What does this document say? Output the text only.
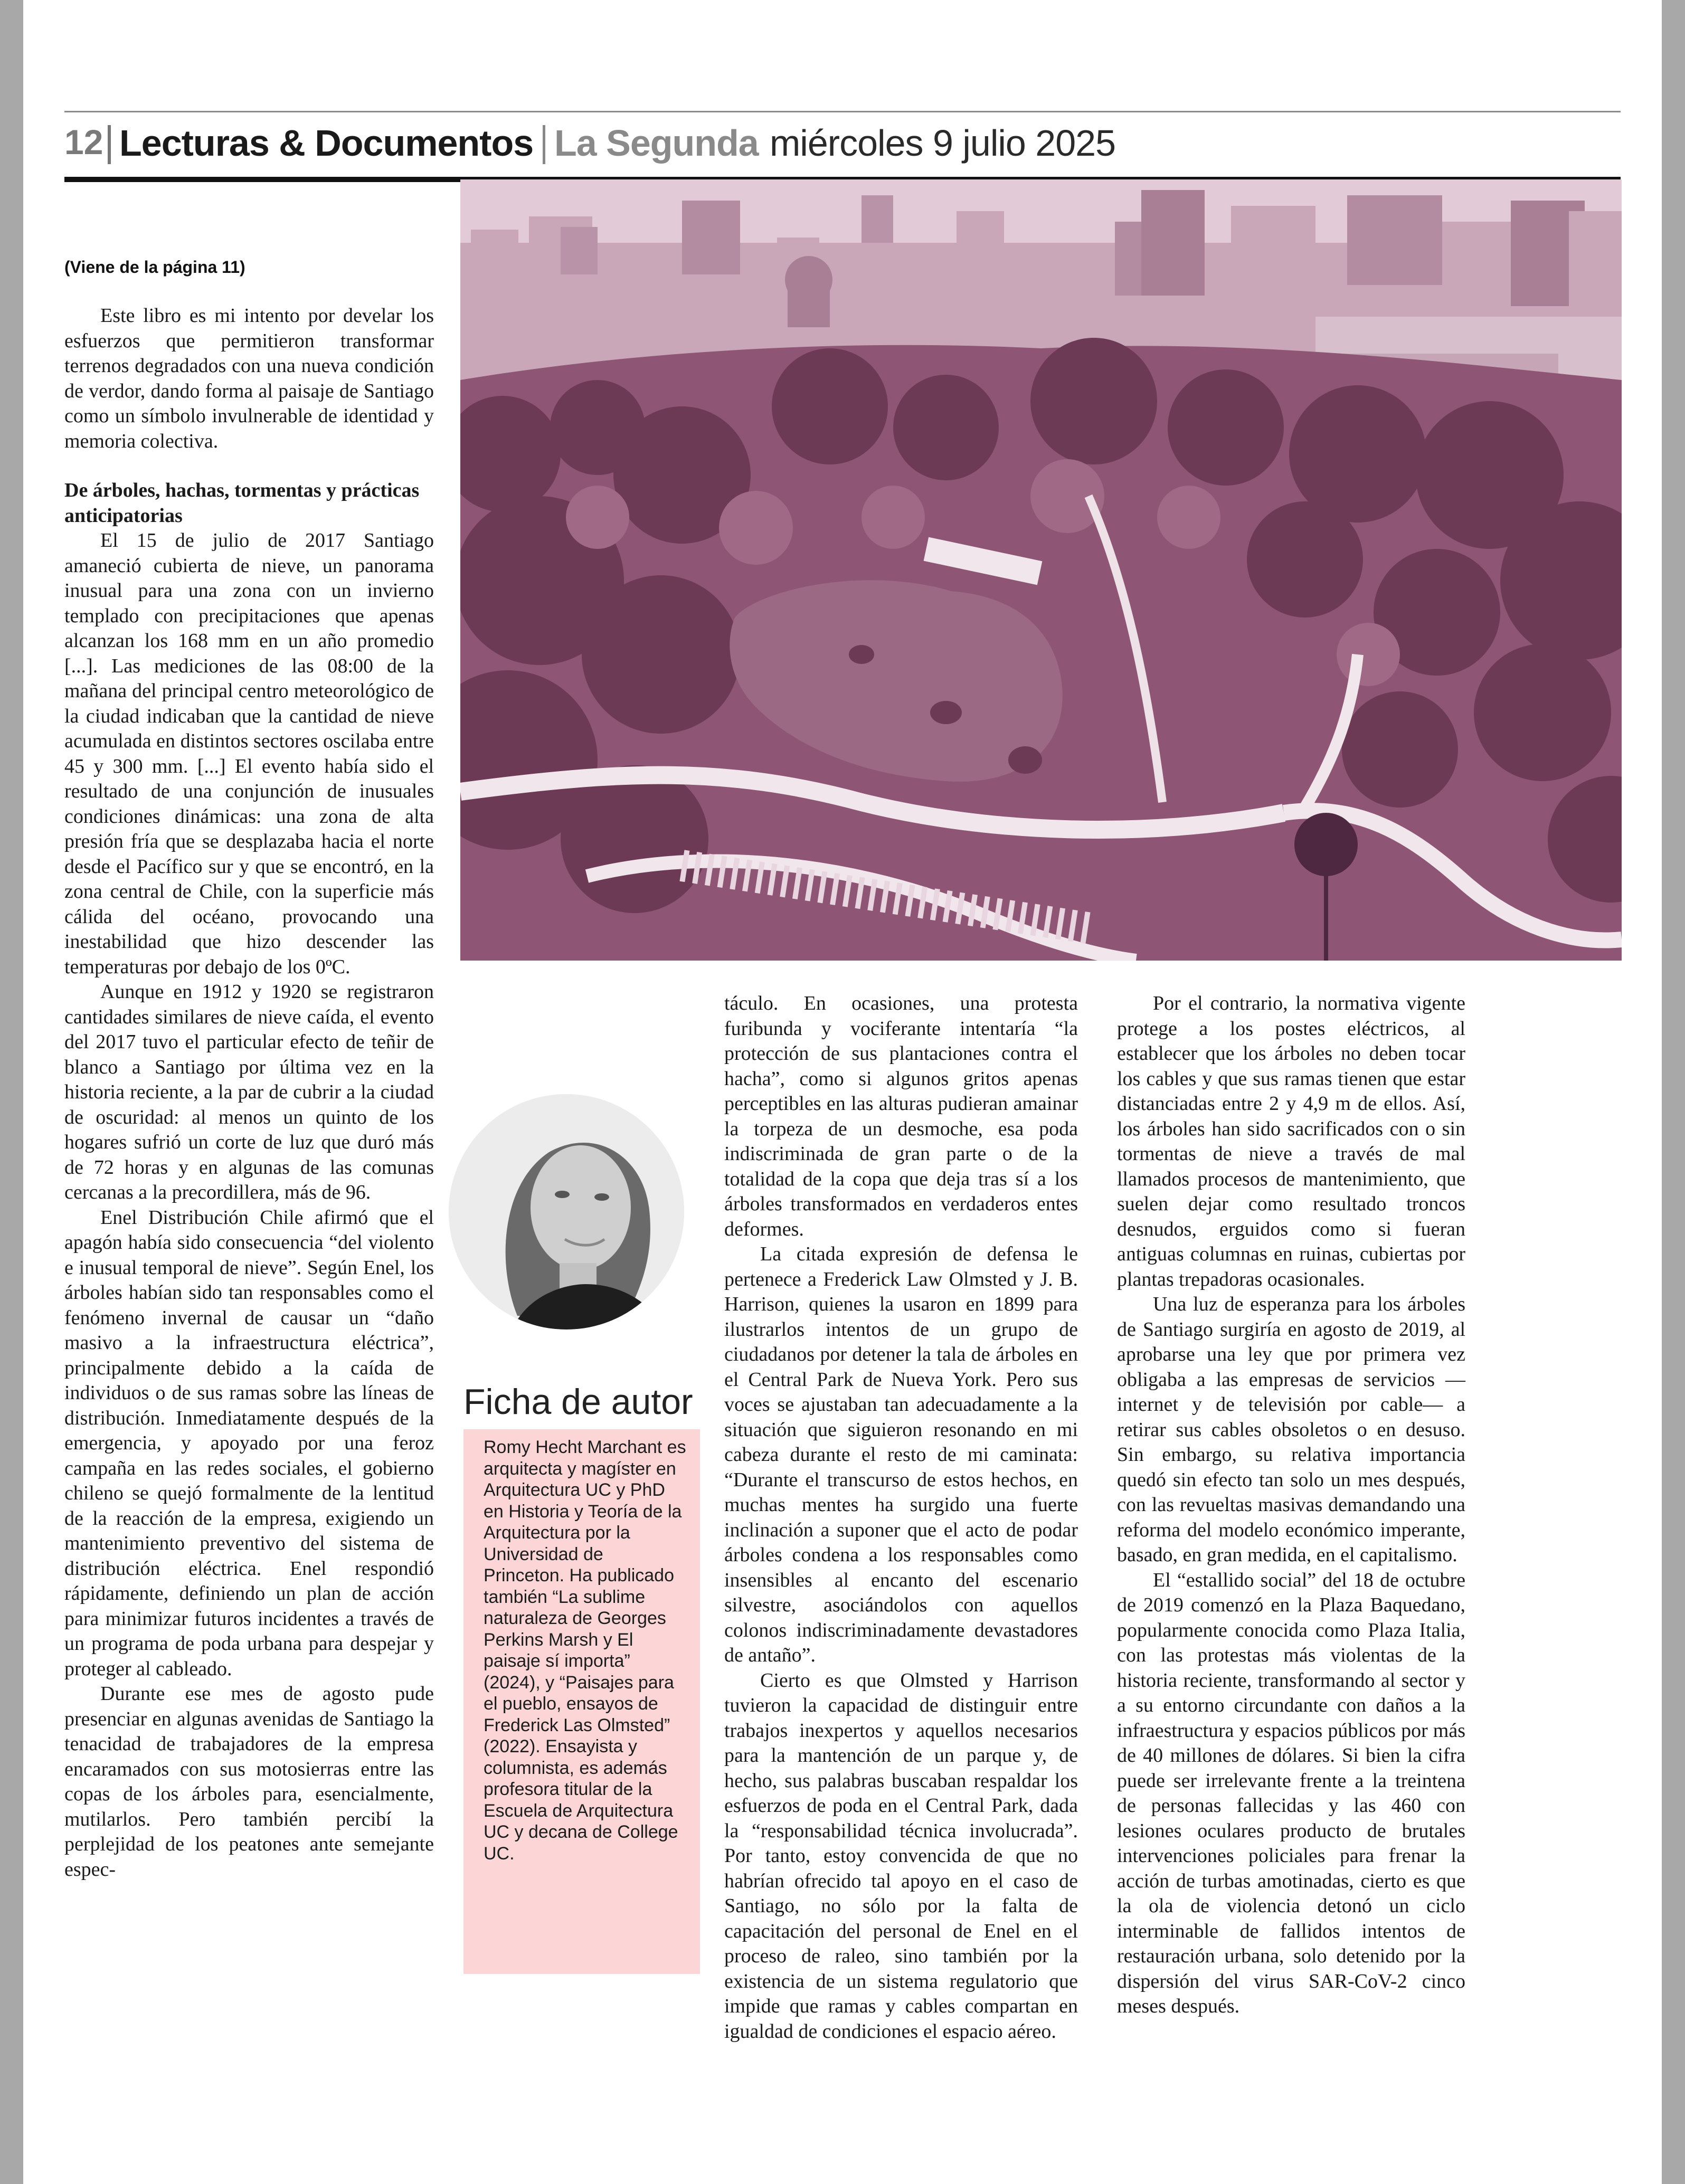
12 Lecturas & Documentos La Segunda miércoles 9 julio 2025
(Viene de la página 11)

Este libro es mi intento por develar los esfuerzos que permitieron transformar terrenos degradados con una nueva condición de verdor, dando forma al paisaje de Santiago como un símbolo invulnerable de identidad y memoria colectiva.

De árboles, hachas, tormentas y prácticas anticipatorias

El 15 de julio de 2017 Santiago amaneció cubierta de nieve, un panorama inusual para una zona con un invierno templado con precipitaciones que apenas alcanzan los 168 mm en un año promedio [...]. Las mediciones de las 08:00 de la mañana del principal centro meteorológico de la ciudad indicaban que la cantidad de nieve acumulada en distintos sectores oscilaba entre 45 y 300 mm. [...] El evento había sido el resultado de una conjunción de inusuales condiciones dinámicas: una zona de alta presión fría que se desplazaba hacia el norte desde el Pacífico sur y que se encontró, en la zona central de Chile, con la superficie más cálida del océano, provocando una inestabilidad que hizo descender las temperaturas por debajo de los 0ºC.

Aunque en 1912 y 1920 se registraron cantidades similares de nieve caída, el evento del 2017 tuvo el particular efecto de teñir de blanco a Santiago por última vez en la historia reciente, a la par de cubrir a la ciudad de oscuridad: al menos un quinto de los hogares sufrió un corte de luz que duró más de 72 horas y en algunas de las comunas cercanas a la precordillera, más de 96.

Enel Distribución Chile afirmó que el apagón había sido consecuencia “del violento e inusual temporal de nieve”. Según Enel, los árboles habían sido tan responsables como el fenómeno invernal de causar un “daño masivo a la infraestructura eléctrica”, principalmente debido a la caída de individuos o de sus ramas sobre las líneas de distribución. Inmediatamente después de la emergencia, y apoyado por una feroz campaña en las redes sociales, el gobierno chileno se quejó formalmente de la lentitud de la reacción de la empresa, exigiendo un mantenimiento preventivo del sistema de distribución eléctrica. Enel respondió rápidamente, definiendo un plan de acción para minimizar futuros incidentes a través de un programa de poda urbana para despejar y proteger al cableado.

Durante ese mes de agosto pude presenciar en algunas avenidas de Santiago la tenacidad de trabajadores de la empresa encaramados con sus motosierras entre las copas de los árboles para, esencialmente, mutilarlos. Pero también percibí la perplejidad de los peatones ante semejante espec-

Ficha de autor
Romy Hecht Marchant es arquitecta y magíster en Arquitectura UC y PhD en Historia y Teoría de la Arquitectura por la Universidad de Princeton. Ha publicado también “La sublime naturaleza de Georges Perkins Marsh y El paisaje sí importa” (2024), y “Paisajes para el pueblo, ensayos de Frederick Las Olmsted” (2022). Ensayista y columnista, es además profesora titular de la Escuela de Arquitectura UC y decana de College UC.

táculo. En ocasiones, una protesta furibunda y vociferante intentaría “la protección de sus plantaciones contra el hacha”, como si algunos gritos apenas perceptibles en las alturas pudieran amainar la torpeza de un desmoche, esa poda indiscriminada de gran parte o de la totalidad de la copa que deja tras sí a los árboles transformados en verdaderos entes deformes.

La citada expresión de defensa le pertenece a Frederick Law Olmsted y J. B. Harrison, quienes la usaron en 1899 para ilustrarlos intentos de un grupo de ciudadanos por detener la tala de árboles en el Central Park de Nueva York. Pero sus voces se ajustaban tan adecuadamente a la situación que siguieron resonando en mi cabeza durante el resto de mi caminata: “Durante el transcurso de estos hechos, en muchas mentes ha surgido una fuerte inclinación a suponer que el acto de podar árboles condena a los responsables como insensibles al encanto del escenario silvestre, asociándolos con aquellos colonos indiscriminadamente devastadores de antaño”.

Cierto es que Olmsted y Harrison tuvieron la capacidad de distinguir entre trabajos inexpertos y aquellos necesarios para la mantención de un parque y, de hecho, sus palabras buscaban respaldar los esfuerzos de poda en el Central Park, dada la “responsabilidad técnica involucrada”. Por tanto, estoy convencida de que no habrían ofrecido tal apoyo en el caso de Santiago, no sólo por la falta de capacitación del personal de Enel en el proceso de raleo, sino también por la existencia de un sistema regulatorio que impide que ramas y cables compartan en igualdad de condiciones el espacio aéreo.

Por el contrario, la normativa vigente protege a los postes eléctricos, al establecer que los árboles no deben tocar los cables y que sus ramas tienen que estar distanciadas entre 2 y 4,9 m de ellos. Así, los árboles han sido sacrificados con o sin tormentas de nieve a través de mal llamados procesos de mantenimiento, que suelen dejar como resultado troncos desnudos, erguidos como si fueran antiguas columnas en ruinas, cubiertas por plantas trepadoras ocasionales.

Una luz de esperanza para los árboles de Santiago surgiría en agosto de 2019, al aprobarse una ley que por primera vez obligaba a las empresas de servicios —internet y de televisión por cable— a retirar sus cables obsoletos o en desuso. Sin embargo, su relativa importancia quedó sin efecto tan solo un mes después, con las revueltas masivas demandando una reforma del modelo económico imperante, basado, en gran medida, en el capitalismo.

El “estallido social” del 18 de octubre de 2019 comenzó en la Plaza Baquedano, popularmente conocida como Plaza Italia, con las protestas más violentas de la historia reciente, transformando al sector y a su entorno circundante con daños a la infraestructura y espacios públicos por más de 40 millones de dólares. Si bien la cifra puede ser irrelevante frente a la treintena de personas fallecidas y las 460 con lesiones oculares producto de brutales intervenciones policiales para frenar la acción de turbas amotinadas, cierto es que la ola de violencia detonó un ciclo interminable de fallidos intentos de restauración urbana, solo detenido por la dispersión del virus SAR-CoV-2 cinco meses después.
